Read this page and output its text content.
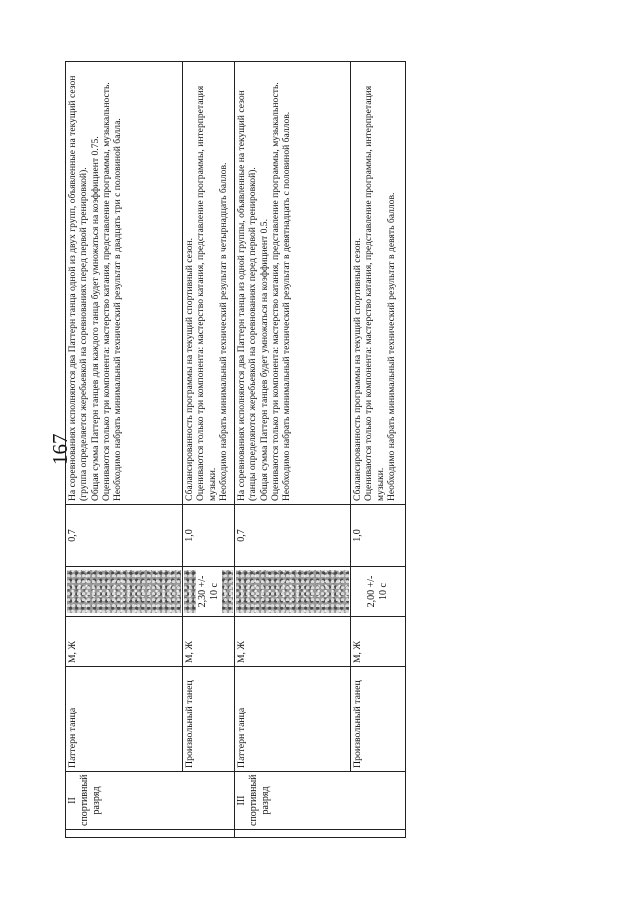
167
	II спортивный разряд	Паттерн танца	М, Ж		0,7	На соревнованиях исполняются два Паттерн танца одной из двух групп, объявленные на текущий сезон (группа определяется жеребьевкой на соревнованиях перед первой тренировкой). Общая сумма Паттерн танцев для каждого танца будет умножаться на коэффициент 0.75. Оцениваются только три компонента: мастерство катания, представление программы, музыкальность. Необходимо набрать минимальный технический результат в двадцать три с половиной балла.

		Произвольный танец	М, Ж	2,30 +/- 10 с	1,0	Сбалансированность программы на текущий спортивный сезон. Оцениваются только три компонента: мастерство катания, представление программы, интерпретация музыки. Необходимо набрать минимальный технический результат в четырнадцать баллов.

	III спортивный разряд	Паттерн танца	М, Ж		0,7	На соревнованиях исполняются два Паттерн танца из одной группы, объявленные на текущий сезон (танцы определяются жеребьевкой на соревнованиях перед первой тренировкой). Общая сумма Паттерн танцев будет умножаться на коэффициент 0.5. Оцениваются только три компонента: мастерство катания, представление программы, музыкальность. Необходимо набрать минимальный технический результат в девятнадцать с половиной баллов.

		Произвольный танец	М, Ж	2,00 +/- 10 с	1,0	Сбалансированность программы на текущий спортивный сезон. Оцениваются только три компонента: мастерство катания, представление программы, интерпретация музыки. Необходимо набрать минимальный технический результат в девять баллов.
